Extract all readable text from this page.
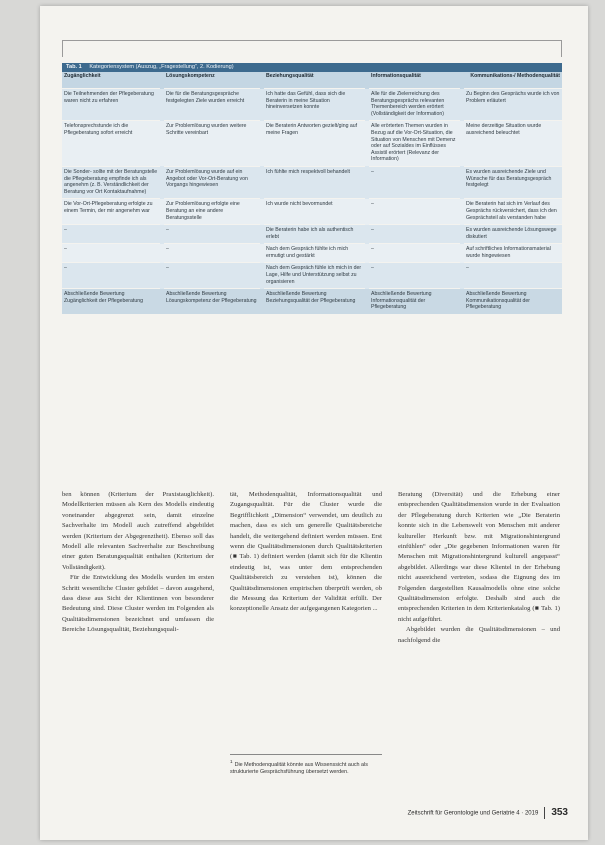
Tab. 1 Kategoriensystem (Auszug, „Fragestellung“, 2. Kodierung)
Zugänglichkeit	Lösungskompetenz	Beziehungsqualität	Informationsqualität	Kommunikations-/ Methodenqualität
Die Teilnehmenden der Pflegeberatung waren nicht zu erfahren	Die für die Beratungsgespräche festgelegten Ziele wurden erreicht	Ich hatte das Gefühl, dass sich die Beraterin in meine Situation hineinversetzen konnte	Alle für die Zielerreichung des Beratungsgesprächs relevanten Themenbereich werden erörtert (Vollständigkeit der Information)	Zu Beginn des Gesprächs wurde ich von Problem erläutert
Telefonsprechstunde ich die Pflegeberatung sofort erreicht	Zur Problemlösung wurden weitere Schritte vereinbart	Die Beraterin Antworten gezielt/ging auf meine Fragen	Alle erörterten Themen wurden in Bezug auf die Vor-Ort-Situation, die Situation von Menschen mit Demenz oder auf Sozialdes im Einflüsses Assistil erörtert (Relevanz der Information)	Meine derzeitige Situation wurde ausreichend beleuchtet
Die Sonder- sollte mit der Beratungstelle die Pflegeberatung empfinde ich als angenehm (z. B. Verständlichkeit der Beratung vor Ort Kontaktaufnahme)	Zur Problemlösung wurde auf ein Angebot oder Vor-Ort-Beratung von Vorgangs hingewiesen	Ich fühlte mich respektvoll behandelt	–	Es wurden ausreichende Ziele und Wünsche für das Beratungsgespräch festgelegt
Die Vor-Ort-Pflegeberatung erfolgte zu einem Termin, der mir angenehm war	Zur Problemlösung erfolgte eine Beratung an eine andere Beratungsstelle	Ich wurde nicht bevormundet	–	Die Beraterin hat sich im Verlauf des Gesprächs rückversichert, dass ich den Gesprächsteil als verstanden habe
–	–	Die Beraterin habe ich als authentisch erlebt	–	Es wurden ausreichende Lösungswege diskutiert
–	–	Nach dem Gespräch fühlte ich mich ermutigt und gestärkt	–	Auf schriftliches Informationsmaterial wurde hingewiesen
–	–	Nach dem Gespräch fühle ich mich in der Lage, Hilfe und Unterstützung selbst zu organisieren	–	–
Abschließende Bewertung Zugänglichkeit der Pflegeberatung	Abschließende Bewertung Lösungskompetenz der Pflegeberatung	Abschließende Bewertung Beziehungsqualität der Pflegeberatung	Abschließende Bewertung Informationsqualität der Pflegeberatung	Abschließende Bewertung Kommunikationsqualität der Pflegeberatung

ben können (Kriterium der Praxistauglichkeit). Modellkriterien müssen als Kern des Modells eindeutig voneinander abgegrenzt sein, damit einzelne Sachverhalte im Modell auch zutreffend abgebildet werden (Kriterium der Abgegrenztheit). Ebenso soll das Modell alle relevanten Sachverhalte zur Beschreibung einer guten Beratungsqualität enthalten (Kriterium der Vollständigkeit).

Für die Entwicklung des Modells wurden im ersten Schritt wesentliche Cluster gebildet – davon ausgehend, dass diese aus Sicht der Klientinnen von besonderer Bedeutung sind. Diese Cluster werden im Folgenden als Qualitätsdimensionen bezeichnet und umfassen die Bereiche Lösungsqualität, Beziehungsquali-

tät, Methodenqualität, Informationsqualität und Zugangsqualität. Für die Cluster wurde die Begrifflichkeit „Dimension“ verwendet, um deutlich zu machen, dass es sich um generelle Qualitätsbereiche handelt, die weitergehend definiert werden müssen. Erst wenn die Qualitätsdimensionen durch Qualitätskriterien (■ Tab. 1) definiert werden (damit sich für die Klientin eindeutig ist, was unter dem entsprechenden Qualitätsbereich zu verstehen ist), können die Qualitätsdimensionen empirischen überprüft werden, ob die Messung das Kriterium der Validität erfüllt. Der konzeptionelle Ansatz der aufgegangenen Kategorien ...

Beratung (Diversität) und die Erhebung einer entsprechenden Qualitätsdimension wurde in der Evaluation der Pflegeberatung durch Kriterien wie „Die Beraterin konnte sich in die Lebenswelt von Menschen mit anderer kultureller Herkunft bzw. mit Migrationshintergrund einfühlen“ oder „Die gegebenen Informationen waren für Menschen mit Migrationshintergrund kulturell angepasst“ abgebildet. Allerdings war diese Klientel in der Erhebung nicht ausreichend vertreten, sodass die Eignung des im Folgenden dargestellten Kausalmodells ohne eine solche Qualitätsdimension erfolgte. Deshalb sind auch die entsprechenden Kriterien in dem Kriterienkatalog (■ Tab. 1) nicht aufgeführt.

Abgebildet wurden die Qualitätsdimensionen – und nachfolgend die

1Die Methodenqualität könnte aus Wissenssicht auch als strukturierte Gesprächsführung übersetzt werden.
Zeitschrift für Gerontologie und Geriatrie 4 · 2019 353
